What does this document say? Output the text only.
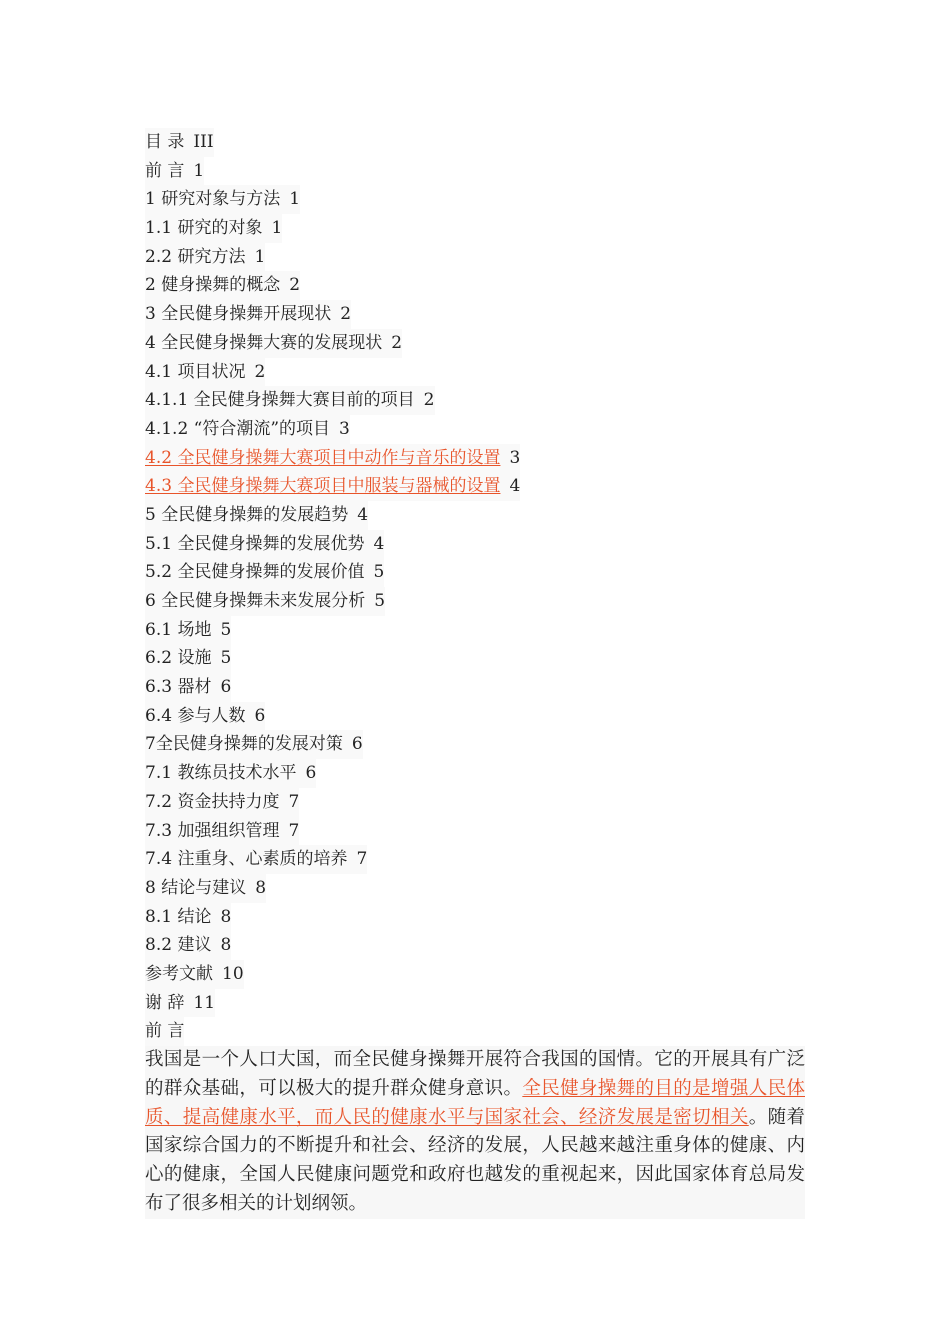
目 录 III
前 言 1
1 研究对象与方法 1
1.1 研究的对象 1
2.2 研究方法 1
2 健身操舞的概念 2
3 全民健身操舞开展现状 2
4 全民健身操舞大赛的发展现状 2
4.1 项目状况 2
4.1.1 全民健身操舞大赛目前的项目 2
4.1.2 “符合潮流”的项目 3
4.2 全民健身操舞大赛项目中动作与音乐的设置 3
4.3 全民健身操舞大赛项目中服装与器械的设置 4
5 全民健身操舞的发展趋势 4
5.1 全民健身操舞的发展优势 4
5.2 全民健身操舞的发展价值 5
6 全民健身操舞未来发展分析 5
6.1 场地 5
6.2 设施 5
6.3 器材 6
6.4 参与人数 6
7全民健身操舞的发展对策 6
7.1 教练员技术水平 6
7.2 资金扶持力度 7
7.3 加强组织管理 7
7.4 注重身、心素质的培养 7
8 结论与建议 8
8.1 结论 8
8.2 建议 8
参考文献 10
谢 辞 11
前 言
我国是一个人口大国，而全民健身操舞开展符合我国的国情。它的开展具有广泛的群众基础，可以极大的提升群众健身意识。全民健身操舞的目的是增强人民体质、提高健康水平，而人民的健康水平与国家社会、经济发展是密切相关。随着国家综合国力的不断提升和社会、经济的发展，人民越来越注重身体的健康、内心的健康，全国人民健康问题党和政府也越发的重视起来，因此国家体育总局发布了很多相关的计划纲领。
